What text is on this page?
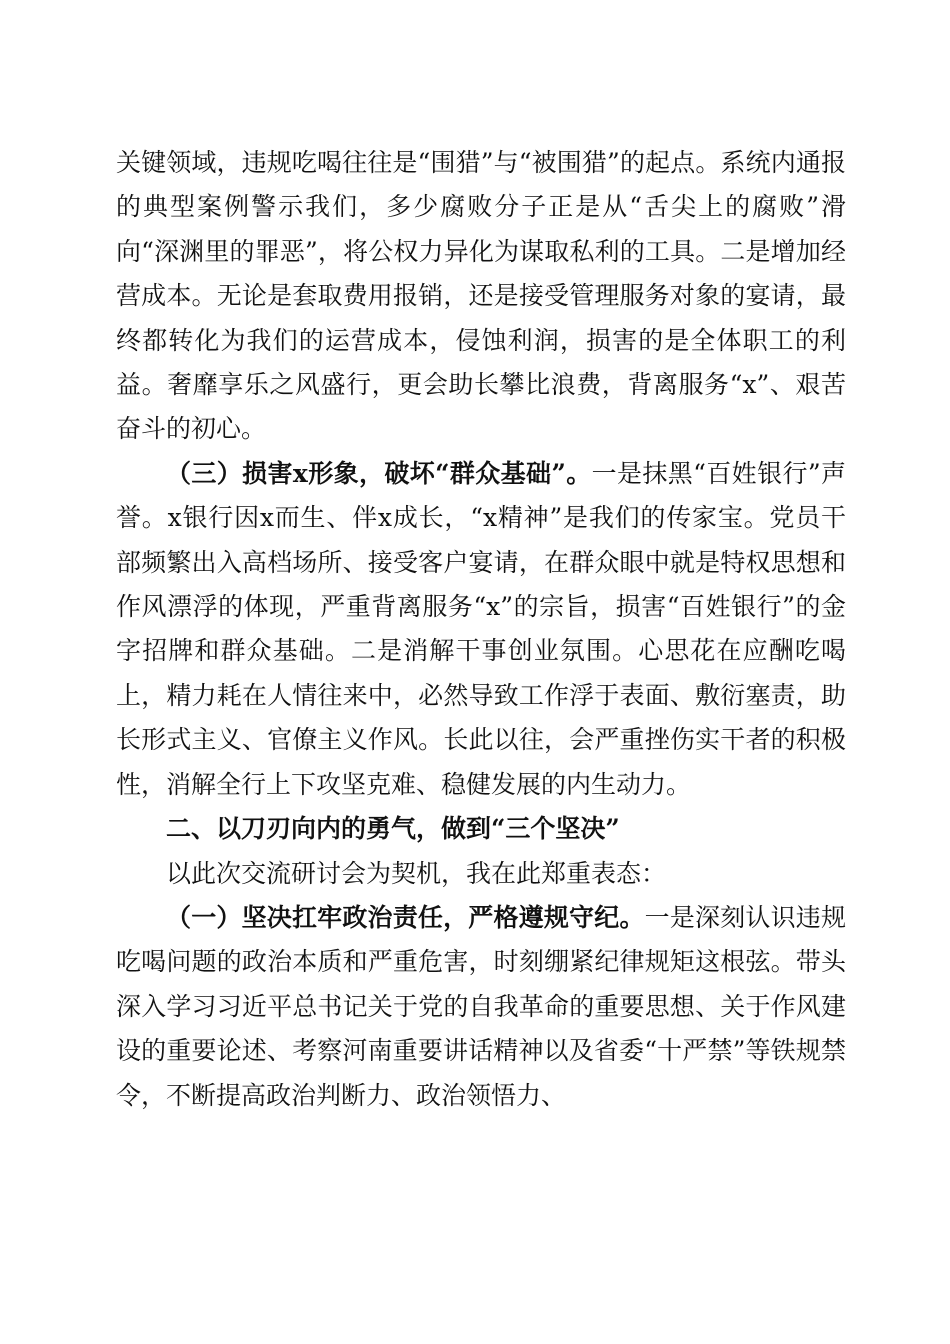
关键领域，违规吃喝往往是“围猎”与“被围猎”的起点。系统内通报的典型案例警示我们，多少腐败分子正是从“舌尖上的腐败”滑向“深渊里的罪恶”，将公权力异化为谋取私利的工具。二是增加经营成本。无论是套取费用报销，还是接受管理服务对象的宴请，最终都转化为我们的运营成本，侵蚀利润，损害的是全体职工的利益。奢靡享乐之风盛行，更会助长攀比浪费，背离服务“x”、艰苦奋斗的初心。

（三）损害x形象，破坏“群众基础”。一是抹黑“百姓银行”声誉。x银行因x而生、伴x成长，“x精神”是我们的传家宝。党员干部频繁出入高档场所、接受客户宴请，在群众眼中就是特权思想和作风漂浮的体现，严重背离服务“x”的宗旨，损害“百姓银行”的金字招牌和群众基础。二是消解干事创业氛围。心思花在应酬吃喝上，精力耗在人情往来中，必然导致工作浮于表面、敷衍塞责，助长形式主义、官僚主义作风。长此以往，会严重挫伤实干者的积极性，消解全行上下攻坚克难、稳健发展的内生动力。

二、以刀刃向内的勇气，做到“三个坚决”

以此次交流研讨会为契机，我在此郑重表态：

（一）坚决扛牢政治责任，严格遵规守纪。一是深刻认识违规吃喝问题的政治本质和严重危害，时刻绷紧纪律规矩这根弦。带头深入学习习近平总书记关于党的自我革命的重要思想、关于作风建设的重要论述、考察河南重要讲话精神以及省委“十严禁”等铁规禁令，不断提高政治判断力、政治领悟力、
